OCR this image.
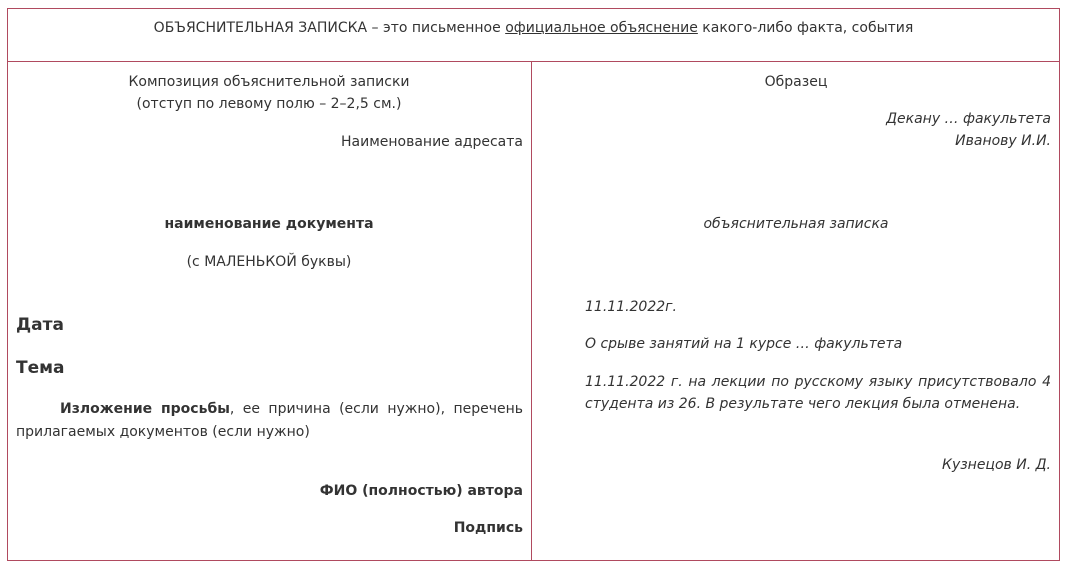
ОБЪЯСНИТЕЛЬНАЯ ЗАПИСКА – это письменное официальное объяснение какого-либо факта, события
Композиция объяснительной записки
(отступ по левому полю – 2–2,5 см.)
Наименование адресата
наименование документа
(с МАЛЕНЬКОЙ буквы)
Дата
Тема
Изложение просьбы, ее причина (если нужно), перечень прилагаемых документов (если нужно)
ФИО (полностью) автора
Подпись
Образец
Декану … факультета
Иванову И.И.
объяснительная записка
11.11.2022г.
О срыве занятий на 1 курсе … факультета
11.11.2022 г. на лекции по русскому языку присутствовало 4
студента из 26. В результате чего лекция была отменена.
Кузнецов И. Д.
